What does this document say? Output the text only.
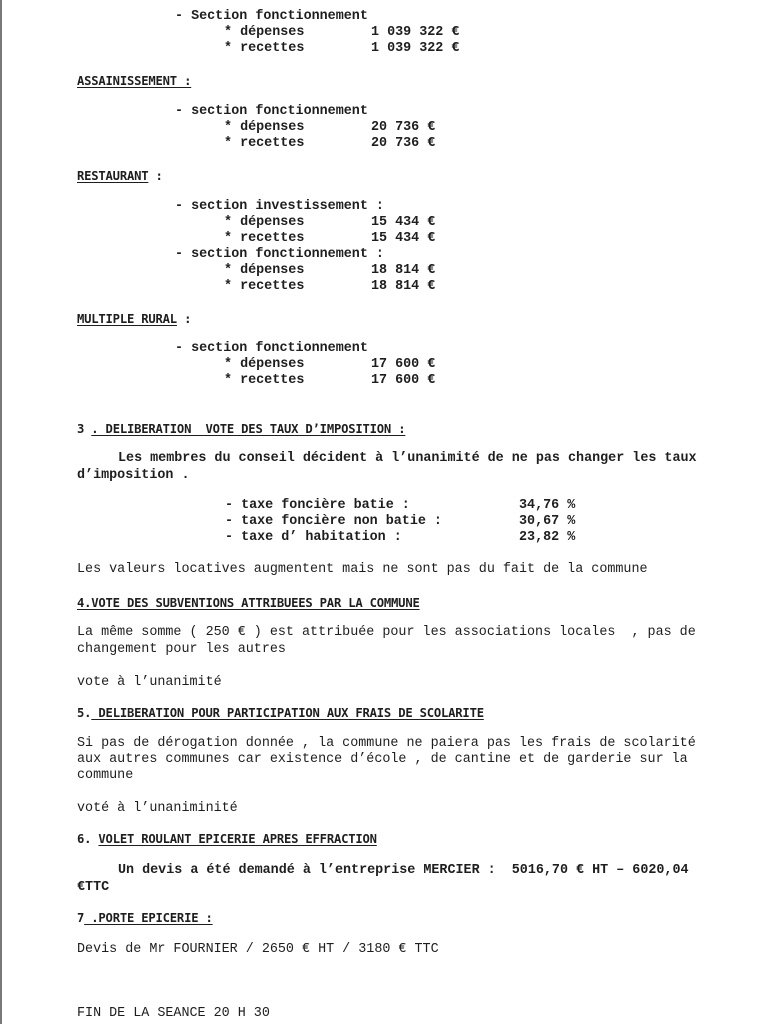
- Section fonctionnement
* dépenses	1 039 322 €
* recettes	1 039 322 €
ASSAINISSEMENT :
- section fonctionnement
* dépenses	20 736 €
* recettes	20 736 €
RESTAURANT :
- section investissement :
* dépenses	15 434 €
* recettes	15 434 €
- section fonctionnement :
* dépenses	18 814 €
* recettes	18 814 €
MULTIPLE RURAL :
- section fonctionnement
* dépenses	17 600 €
* recettes	17 600 €
3 . DELIBERATION  VOTE DES TAUX D’IMPOSITION :
Les membres du conseil décident à l’unanimité de ne pas changer les taux
d’imposition .
- taxe foncière batie :	34,76 %
- taxe foncière non batie :	30,67 %
- taxe d’ habitation :	23,82 %
Les valeurs locatives augmentent mais ne sont pas du fait de la commune
4.VOTE DES SUBVENTIONS ATTRIBUEES PAR LA COMMUNE
La même somme ( 250 € ) est attribuée pour les associations locales  , pas de
changement pour les autres
vote à l’unanimité
5. DELIBERATION POUR PARTICIPATION AUX FRAIS DE SCOLARITE
Si pas de dérogation donnée , la commune ne paiera pas les frais de scolarité
aux autres communes car existence d’école , de cantine et de garderie sur la
commune
voté à l’unaniminité
6. VOLET ROULANT EPICERIE APRES EFFRACTION
Un devis a été demandé à l’entreprise MERCIER :  5016,70 € HT – 6020,04
€TTC
7 .PORTE EPICERIE :
Devis de Mr FOURNIER / 2650 € HT / 3180 € TTC
FIN DE LA SEANCE 20 H 30
